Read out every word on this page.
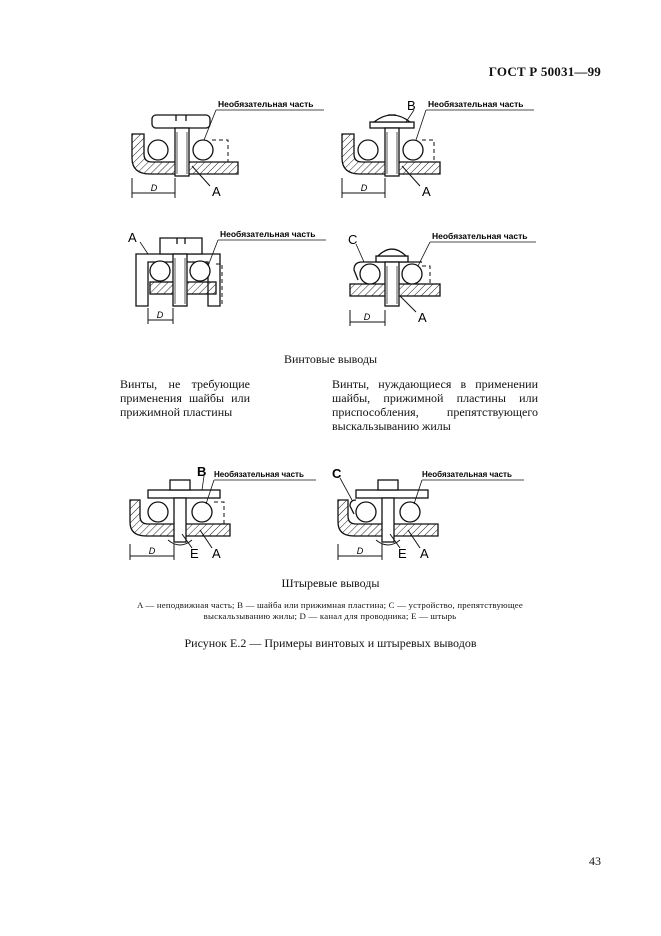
ГОСТ Р 50031—99
D	A
Необязательная часть
D	A
B Необязательная часть
D
A	Необязательная часть
D	A
C	Необязательная часть
Винтовые выводы
Винты, не требующие применения шайбы или прижимной пластины
Винты, нуждающиеся в применении шайбы, прижимной пластины или приспособления, препятствующего выскальзыванию жилы
D	E A
B Необязательная часть
D	E A
C	Необязательная часть
Штыревые выводы
A — неподвижная часть; B — шайба или прижимная пластина; C — устройство, препятствующее выскальзыванию жилы; D — канал для проводника; E — штырь
Рисунок Е.2 — Примеры винтовых и штыревых выводов
43
